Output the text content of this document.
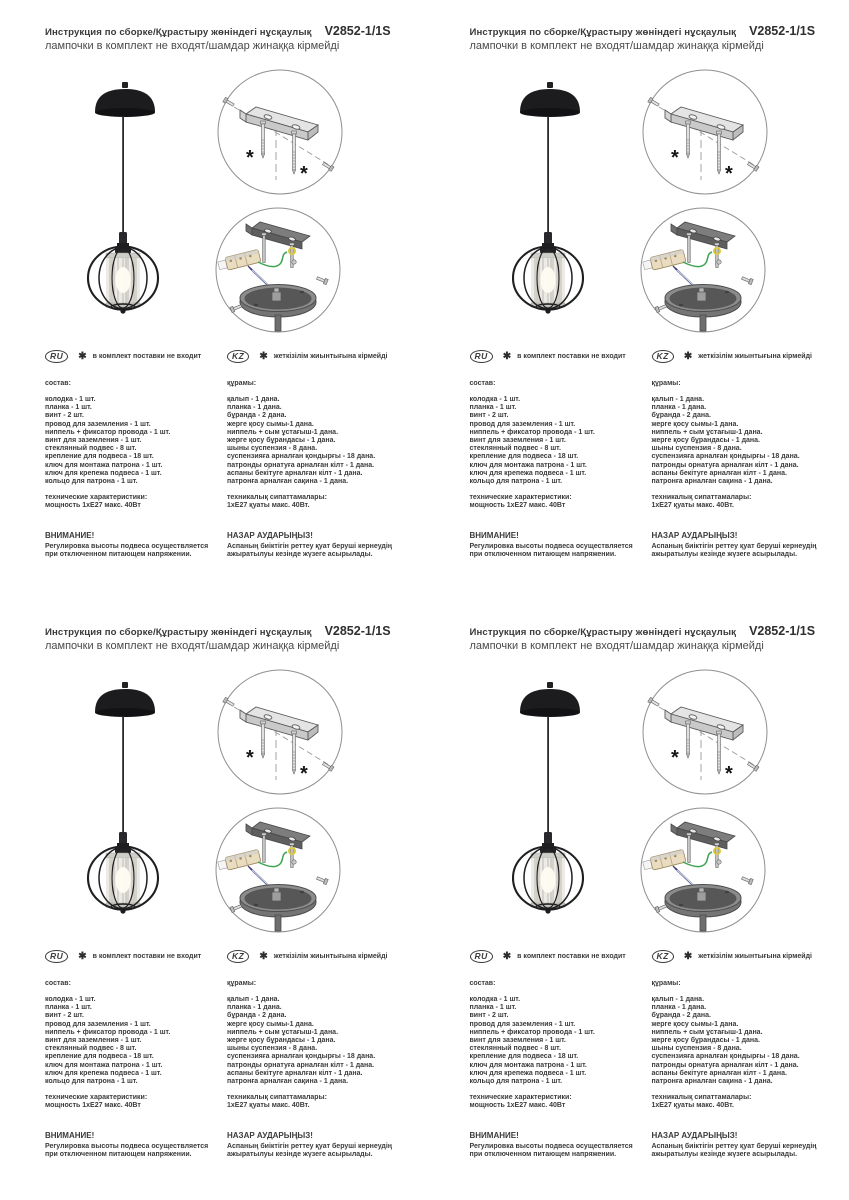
Инструкция по сборке/Құрастыру жөніндегі нұсқаулық V2852-1/1S
лампочки в комплект не входят/шамдар жинаққа кірмейді
*
*
RU	✱ в комплект поставки не входит
состав:
колодка - 1 шт.
планка - 1 шт.
винт - 2 шт.
провод для заземления - 1 шт.
ниппель + фиксатор провода - 1 шт.
винт для заземления - 1 шт.
стеклянный подвес - 8 шт.
крепление для подвеса - 18 шт.
ключ для монтажа патрона - 1 шт.
ключ для крепежа подвеса - 1 шт.
кольцо для патрона - 1 шт.
технические характеристики:
мощность 1хЕ27 макс. 40Вт
ВНИМАНИЕ!
Регулировка высоты подвеса осуществляется при отключенном питающем напряжении.
KZ	✱ жеткізілім жиынтығына кірмейді
құрамы:
қалып - 1 дана.
планка - 1 дана.
бұранда - 2 дана.
жерге қосу сымы-1 дана.
ниппель + сым ұстағыш-1 дана.
жерге қосу бұрандасы - 1 дана.
шыны суспензия - 8 дана.
суспензияға арналған қондырғы - 18 дана.
патронды орнатуға арналған кілт - 1 дана.
аспаны бекітуге арналған кілт - 1 дана.
патронға арналған сақина - 1 дана.
техникалық сипаттамалары:
1хЕ27 қуаты макс. 40Вт.
НАЗАР АУДАРЫҢЫЗ!
Аспаның биіктігін реттеу қуат беруші кернеудің ажыратылуы кезінде жүзеге асырылады.
Инструкция по сборке/Құрастыру жөніндегі нұсқаулық V2852-1/1S
лампочки в комплект не входят/шамдар жинаққа кірмейді
*
*
RU	✱ в комплект поставки не входит
состав:
колодка - 1 шт.
планка - 1 шт.
винт - 2 шт.
провод для заземления - 1 шт.
ниппель + фиксатор провода - 1 шт.
винт для заземления - 1 шт.
стеклянный подвес - 8 шт.
крепление для подвеса - 18 шт.
ключ для монтажа патрона - 1 шт.
ключ для крепежа подвеса - 1 шт.
кольцо для патрона - 1 шт.
технические характеристики:
мощность 1хЕ27 макс. 40Вт
ВНИМАНИЕ!
Регулировка высоты подвеса осуществляется при отключенном питающем напряжении.
KZ	✱ жеткізілім жиынтығына кірмейді
құрамы:
қалып - 1 дана.
планка - 1 дана.
бұранда - 2 дана.
жерге қосу сымы-1 дана.
ниппель + сым ұстағыш-1 дана.
жерге қосу бұрандасы - 1 дана.
шыны суспензия - 8 дана.
суспензияға арналған қондырғы - 18 дана.
патронды орнатуға арналған кілт - 1 дана.
аспаны бекітуге арналған кілт - 1 дана.
патронға арналған сақина - 1 дана.
техникалық сипаттамалары:
1хЕ27 қуаты макс. 40Вт.
НАЗАР АУДАРЫҢЫЗ!
Аспаның биіктігін реттеу қуат беруші кернеудің ажыратылуы кезінде жүзеге асырылады.
Инструкция по сборке/Құрастыру жөніндегі нұсқаулық V2852-1/1S
лампочки в комплект не входят/шамдар жинаққа кірмейді
*
*
RU	✱ в комплект поставки не входит
состав:
колодка - 1 шт.
планка - 1 шт.
винт - 2 шт.
провод для заземления - 1 шт.
ниппель + фиксатор провода - 1 шт.
винт для заземления - 1 шт.
стеклянный подвес - 8 шт.
крепление для подвеса - 18 шт.
ключ для монтажа патрона - 1 шт.
ключ для крепежа подвеса - 1 шт.
кольцо для патрона - 1 шт.
технические характеристики:
мощность 1хЕ27 макс. 40Вт
ВНИМАНИЕ!
Регулировка высоты подвеса осуществляется при отключенном питающем напряжении.
KZ	✱ жеткізілім жиынтығына кірмейді
құрамы:
қалып - 1 дана.
планка - 1 дана.
бұранда - 2 дана.
жерге қосу сымы-1 дана.
ниппель + сым ұстағыш-1 дана.
жерге қосу бұрандасы - 1 дана.
шыны суспензия - 8 дана.
суспензияға арналған қондырғы - 18 дана.
патронды орнатуға арналған кілт - 1 дана.
аспаны бекітуге арналған кілт - 1 дана.
патронға арналған сақина - 1 дана.
техникалық сипаттамалары:
1хЕ27 қуаты макс. 40Вт.
НАЗАР АУДАРЫҢЫЗ!
Аспаның биіктігін реттеу қуат беруші кернеудің ажыратылуы кезінде жүзеге асырылады.
Инструкция по сборке/Құрастыру жөніндегі нұсқаулық V2852-1/1S
лампочки в комплект не входят/шамдар жинаққа кірмейді
*
*
RU	✱ в комплект поставки не входит
состав:
колодка - 1 шт.
планка - 1 шт.
винт - 2 шт.
провод для заземления - 1 шт.
ниппель + фиксатор провода - 1 шт.
винт для заземления - 1 шт.
стеклянный подвес - 8 шт.
крепление для подвеса - 18 шт.
ключ для монтажа патрона - 1 шт.
ключ для крепежа подвеса - 1 шт.
кольцо для патрона - 1 шт.
технические характеристики:
мощность 1хЕ27 макс. 40Вт
ВНИМАНИЕ!
Регулировка высоты подвеса осуществляется при отключенном питающем напряжении.
KZ	✱ жеткізілім жиынтығына кірмейді
құрамы:
қалып - 1 дана.
планка - 1 дана.
бұранда - 2 дана.
жерге қосу сымы-1 дана.
ниппель + сым ұстағыш-1 дана.
жерге қосу бұрандасы - 1 дана.
шыны суспензия - 8 дана.
суспензияға арналған қондырғы - 18 дана.
патронды орнатуға арналған кілт - 1 дана.
аспаны бекітуге арналған кілт - 1 дана.
патронға арналған сақина - 1 дана.
техникалық сипаттамалары:
1хЕ27 қуаты макс. 40Вт.
НАЗАР АУДАРЫҢЫЗ!
Аспаның биіктігін реттеу қуат беруші кернеудің ажыратылуы кезінде жүзеге асырылады.
